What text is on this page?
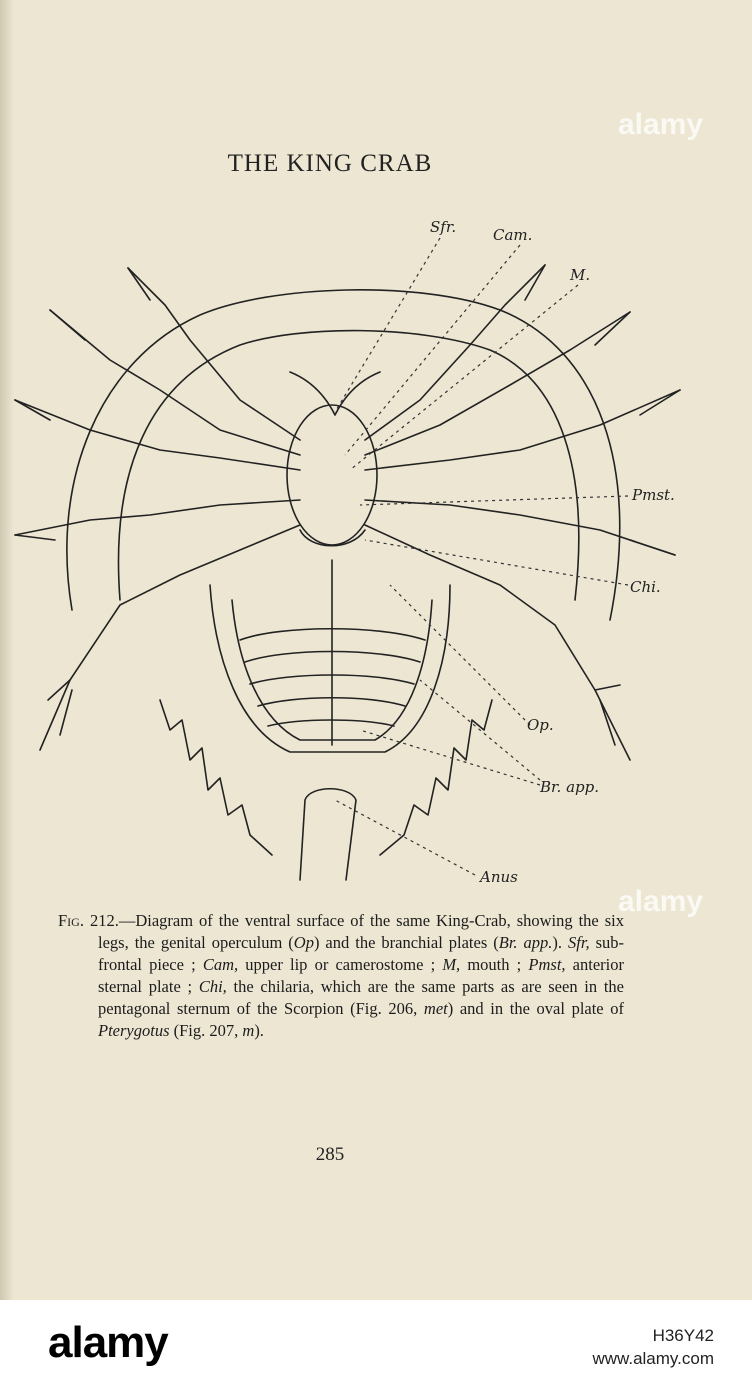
THE KING CRAB
Sfr. Cam.
M.
Pmst.
Chi.
Op.
Br. app.
Anus
Fig. 212.—Diagram of the ventral surface of the same King-Crab, showing the six legs, the genital operculum (Op) and the branchial plates (Br. app.). Sfr, sub-frontal piece ; Cam, upper lip or camerostome ; M, mouth ; Pmst, anterior sternal plate ; Chi, the chilaria, which are the same parts as are seen in the pentagonal sternum of the Scorpion (Fig. 206, met) and in the oval plate of Pterygotus (Fig. 207, m).
285
alamy
alamy
alamy	H36Y42
www.alamy.com
